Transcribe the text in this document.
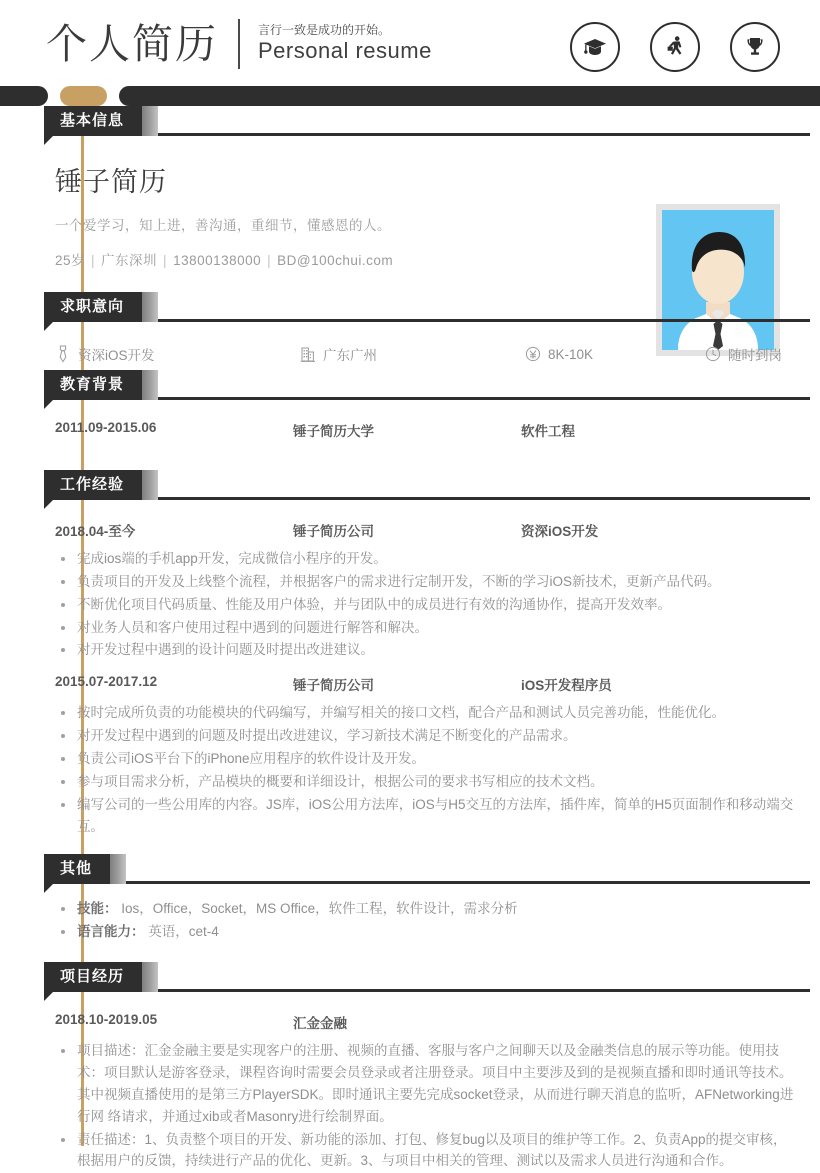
个人简历	言行一致是成功的开始。
Personal resume
基本信息
锤子简历
一个爱学习，知上进，善沟通，重细节，懂感恩的人。
25岁 | 广东深圳 | 13800138000 | BD@100chui.com
求职意向
资深iOS开发	广东广州	8K-10K	随时到岗
教育背景
2011.09-2015.06	锤子简历大学	软件工程
工作经验
2018.04-至今	锤子简历公司	资深iOS开发
完成ios端的手机app开发，完成微信小程序的开发。
负责项目的开发及上线整个流程，并根据客户的需求进行定制开发，不断的学习iOS新技术，更新产品代码。
不断优化项目代码质量、性能及用户体验，并与团队中的成员进行有效的沟通协作，提高开发效率。
对业务人员和客户使用过程中遇到的问题进行解答和解决。
对开发过程中遇到的设计问题及时提出改进建议。
2015.07-2017.12	锤子简历公司	iOS开发程序员
按时完成所负责的功能模块的代码编写，并编写相关的接口文档，配合产品和测试人员完善功能，性能优化。
对开发过程中遇到的问题及时提出改进建议，学习新技术满足不断变化的产品需求。
负责公司iOS平台下的iPhone应用程序的软件设计及开发。
参与项目需求分析，产品模块的概要和详细设计，根据公司的要求书写相应的技术文档。
编写公司的一些公用库的内容。JS库，iOS公用方法库，iOS与H5交互的方法库，插件库，简单的H5页面制作和移动端交互。
其他
技能： Ios，Office，Socket，MS Office，软件工程，软件设计，需求分析
语言能力： 英语，cet-4
项目经历
2018.10-2019.05	汇金金融
项目描述：汇金金融主要是实现客户的注册、视频的直播、客服与客户之间聊天以及金融类信息的展示等功能。使用技术：项目默认是游客登录，课程咨询时需要会员登录或者注册登录。项目中主要涉及到的是视频直播和即时通讯等技术。 其中视频直播使用的是第三方PlayerSDK。即时通讯主要先完成socket登录，从而进行聊天消息的监听，AFNetworking进行网 络请求，并通过xib或者Masonry进行绘制界面。
责任描述：1、负责整个项目的开发、新功能的添加、打包、修复bug以及项目的维护等工作。2、负责App的提交审核，根据用户的反馈，持续进行产品的优化、更新。3、与项目中相关的管理、测试以及需求人员进行沟通和合作。
